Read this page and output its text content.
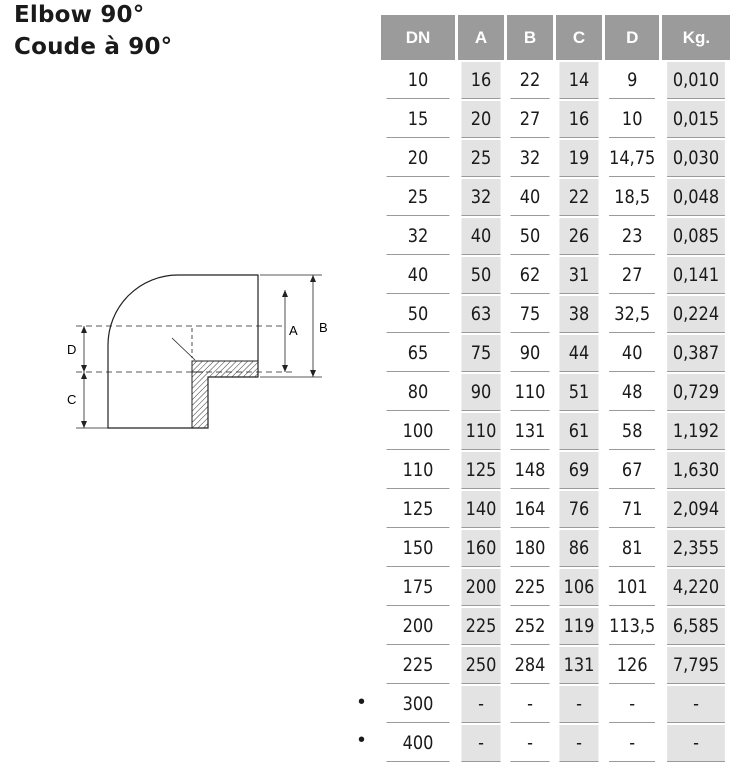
Elbow 90°
Coude à 90°
D
C
A B
DN	A	B	C	D	Kg.
10	16	22	14	9	0,010
15	20	27	16	10	0,015
20	25	32	19	14,75	0,030
25	32	40	22	18,5	0,048
32	40	50	26	23	0,085
40	50	62	31	27	0,141
50	63	75	38	32,5	0,224
65	75	90	44	40	0,387
80	90	110	51	48	0,729
100	110	131	61	58	1,192
110	125	148	69	67	1,630
125	140	164	76	71	2,094
150	160	180	86	81	2,355
175	200	225	106	101	4,220
200	225	252	119	113,5	6,585
225	250	284	131	126	7,795
300	-	-	-	-	-
400	-	-	-	-	-
•
•
